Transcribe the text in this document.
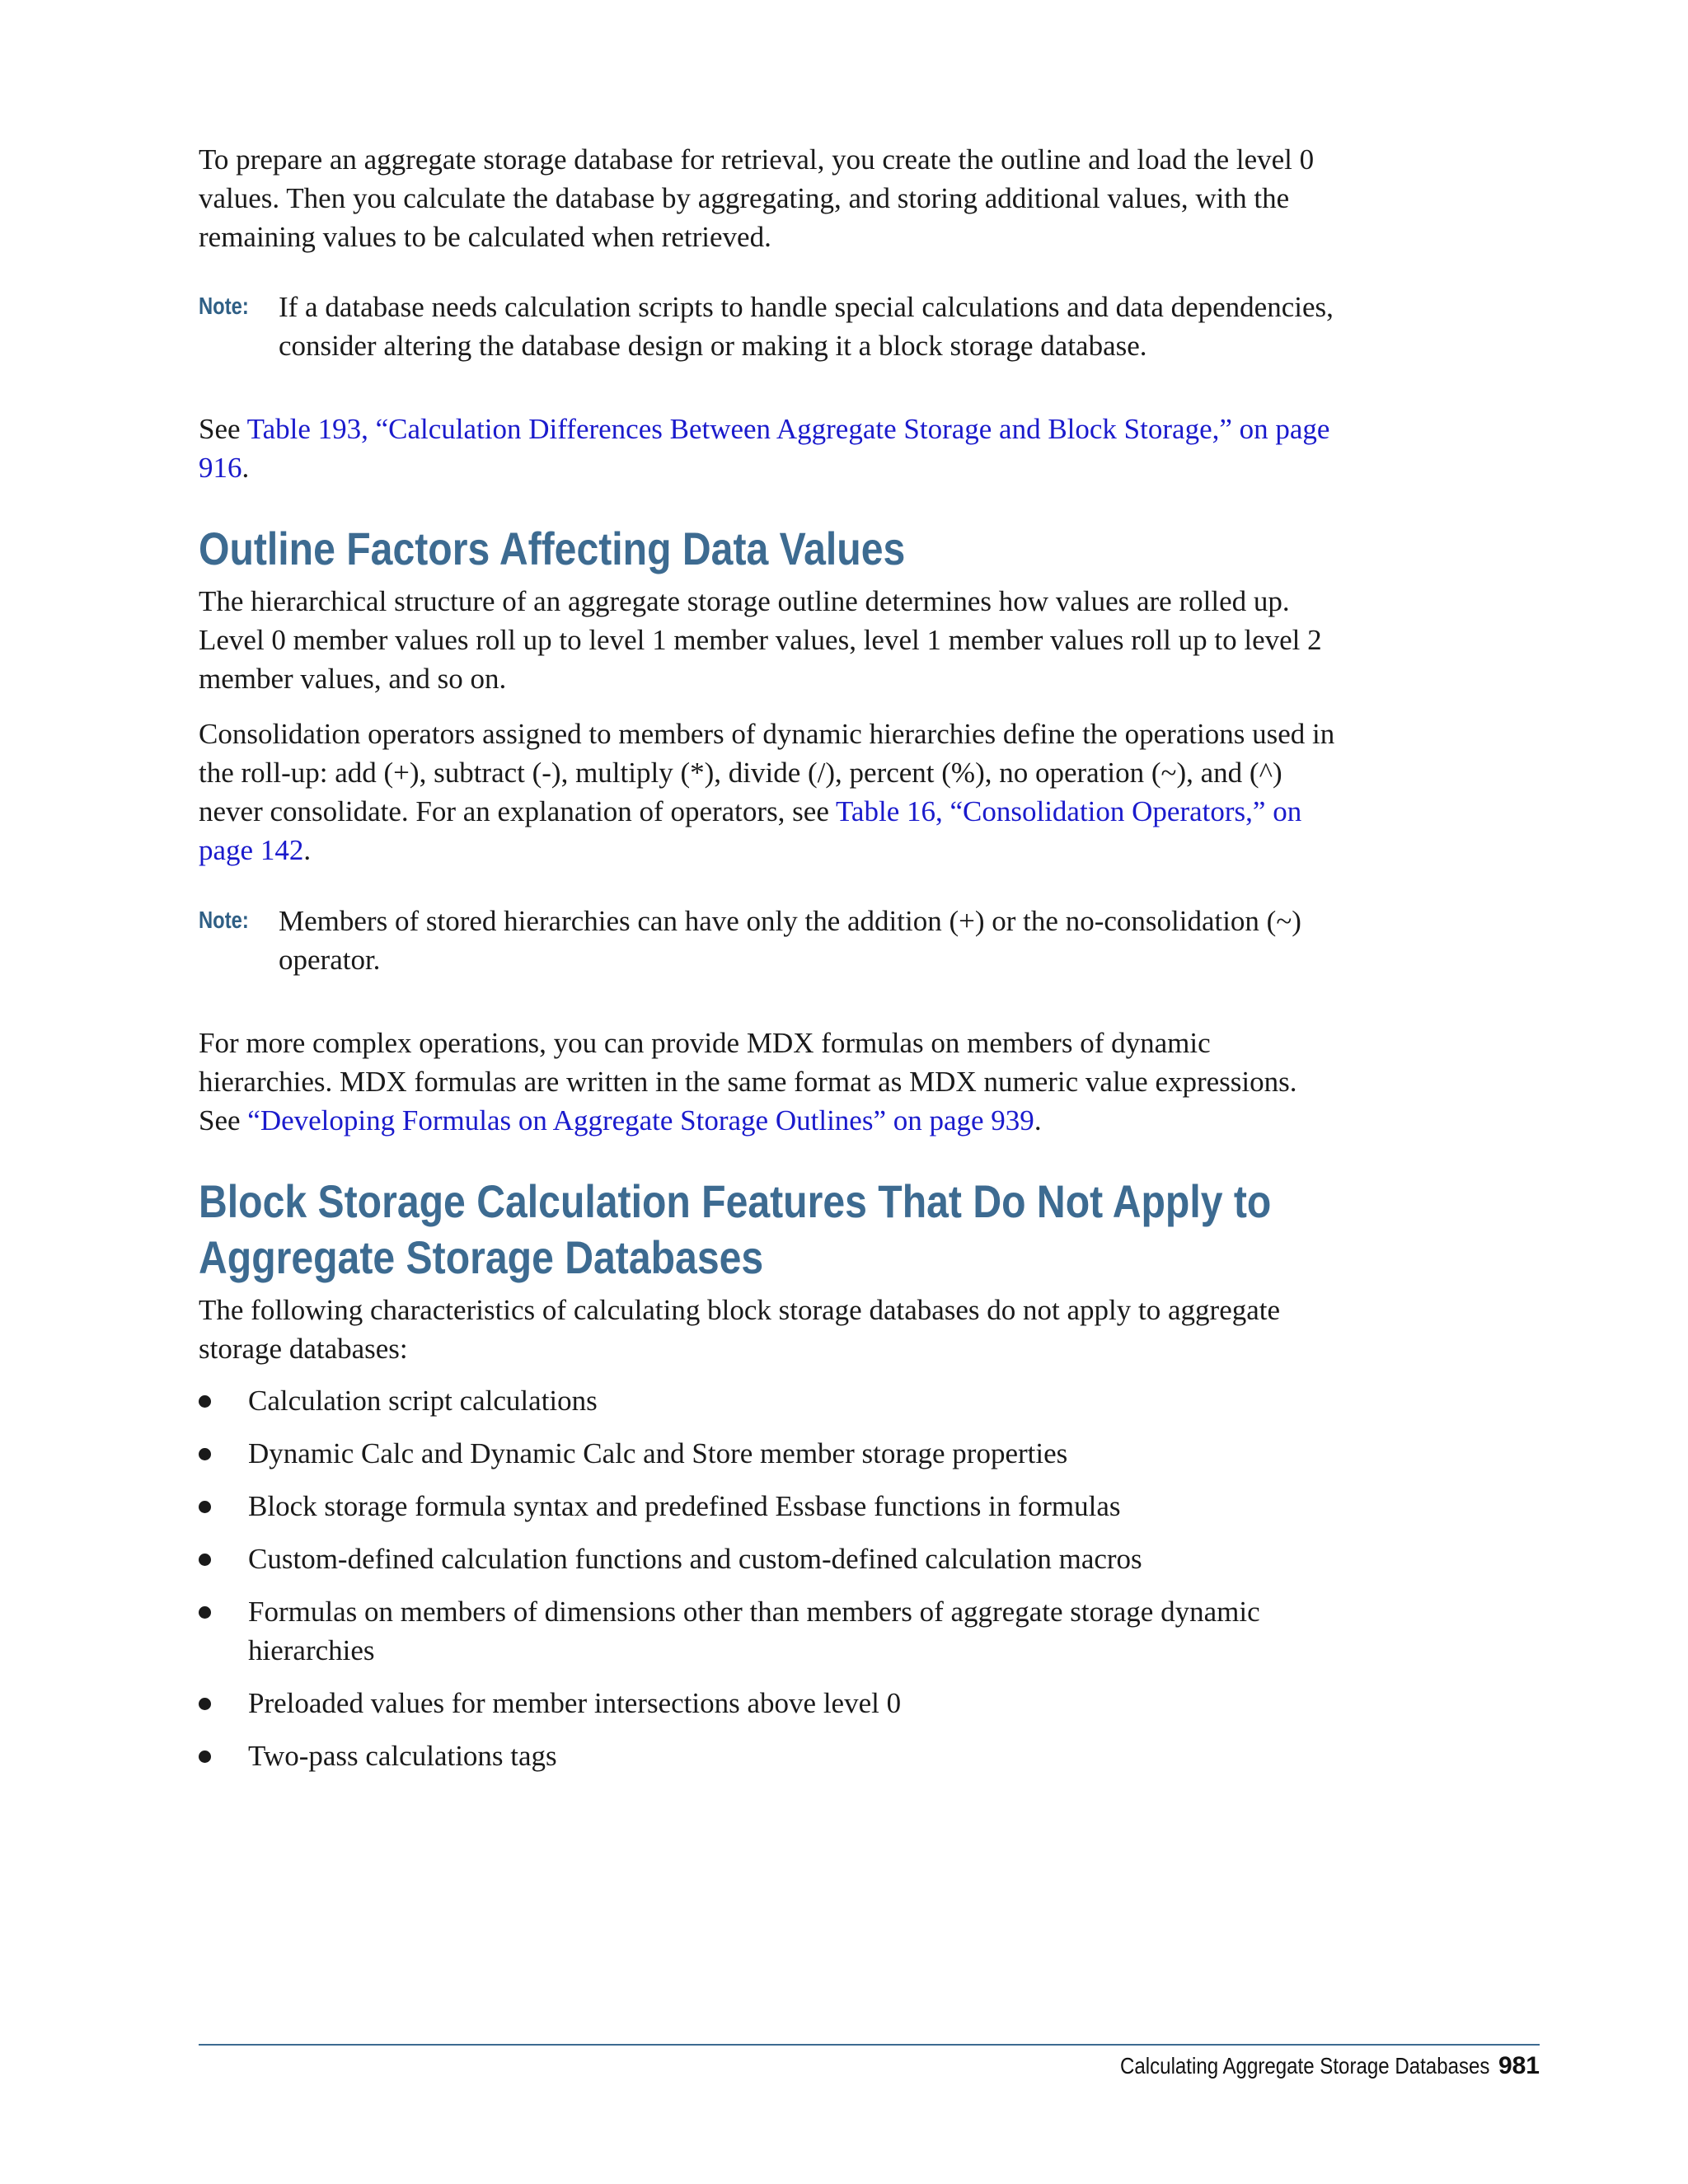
To prepare an aggregate storage database for retrieval, you create the outline and load the level 0 values. Then you calculate the database by aggregating, and storing additional values, with the remaining values to be calculated when retrieved.

Note:	If a database needs calculation scripts to handle special calculations and data dependencies, consider altering the database design or making it a block storage database.

See Table 193, “Calculation Differences Between Aggregate Storage and Block Storage,” on page 916.

Outline Factors Affecting Data Values

The hierarchical structure of an aggregate storage outline determines how values are rolled up. Level 0 member values roll up to level 1 member values, level 1 member values roll up to level 2 member values, and so on.

Consolidation operators assigned to members of dynamic hierarchies define the operations used in the roll-up: add (+), subtract (-), multiply (*), divide (/), percent (%), no operation (~), and (^) never consolidate. For an explanation of operators, see Table 16, “Consolidation Operators,” on page 142.

Note:	Members of stored hierarchies can have only the addition (+) or the no-consolidation (~) operator.

For more complex operations, you can provide MDX formulas on members of dynamic hierarchies. MDX formulas are written in the same format as MDX numeric value expressions. See “Developing Formulas on Aggregate Storage Outlines” on page 939.

Block Storage Calculation Features That Do Not Apply to
Aggregate Storage Databases

The following characteristics of calculating block storage databases do not apply to aggregate storage databases:

Calculation script calculations
Dynamic Calc and Dynamic Calc and Store member storage properties
Block storage formula syntax and predefined Essbase functions in formulas
Custom-defined calculation functions and custom-defined calculation macros
Formulas on members of dimensions other than members of aggregate storage dynamic hierarchies
Preloaded values for member intersections above level 0
Two-pass calculations tags
Calculating Aggregate Storage Databases 981
